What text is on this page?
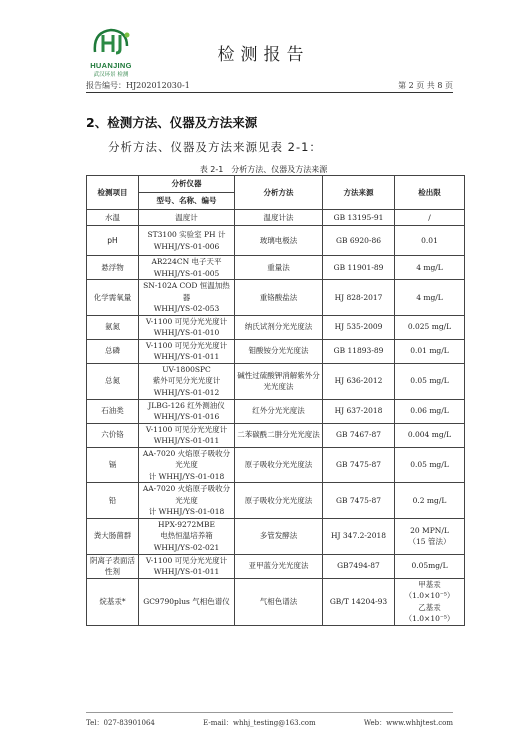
HUANJING
武汉环景 检测
检测报告
报告编号：HJ202012030-1	第 2 页 共 8 页
2、检测方法、仪器及方法来源
分析方法、仪器及方法来源见表 2-1：
表 2-1　分析方法、仪器及方法来源
检测项目	分析仪器	分析方法	方法来源	检出限
	型号、名称、编号			
水温	温度计	温度计法	GB 13195-91	/

pH	ST3100 实验室 PH 计
WHHJ/YS-01-006	玻璃电极法	GB 6920-86	0.01

悬浮物	AR224CN 电子天平
WHHJ/YS-01-005	重量法	GB 11901-89	4 mg/L

化学需氧量	SN-102A COD 恒温加热器
WHHJ/YS-02-053	重铬酸盐法	HJ 828-2017	4 mg/L

氨氮	V-1100 可见分光光度计
WHHJ/YS-01-010	纳氏试剂分光光度法	HJ 535-2009	0.025 mg/L

总磷	V-1100 可见分光光度计
WHHJ/YS-01-011	钼酸铵分光光度法	GB 11893-89	0.01 mg/L

总氮	UV-1800SPC
紫外可见分光光度计
WHHJ/YS-01-012	碱性过硫酸钾消解紫外分光光度法	HJ 636-2012	0.05 mg/L

石油类	JLBG-126 红外测油仪
WHHJ/YS-01-016	红外分光光度法	HJ 637-2018	0.06 mg/L

六价铬	V-1100 可见分光光度计
WHHJ/YS-01-011	二苯碳酰二肼分光光度法	GB 7467-87	0.004 mg/L

镉	AA-7020 火焰原子吸收分光光度
计 WHHJ/YS-01-018	原子吸收分光光度法	GB 7475-87	0.05 mg/L

铅	AA-7020 火焰原子吸收分光光度
计 WHHJ/YS-01-018	原子吸收分光光度法	GB 7475-87	0.2 mg/L

粪大肠菌群	HPX-9272MBE
电热恒温培养箱
WHHJ/YS-02-021	多管发酵法	HJ 347.2-2018	20 MPN/L
（15 管法）

阴离子表面活性剂	V-1100 可见分光光度计
WHHJ/YS-01-011	亚甲蓝分光光度法	GB7494-87	0.05mg/L

烷基汞*	GC9790plus 气相色谱仪	气相色谱法	GB/T 14204-93	甲基汞
（1.0×10⁻⁵）
乙基汞
（1.0×10⁻⁵）
Tel：027-83901064	E-mail：whhj_testing@163.com	Web：www.whhjtest.com
